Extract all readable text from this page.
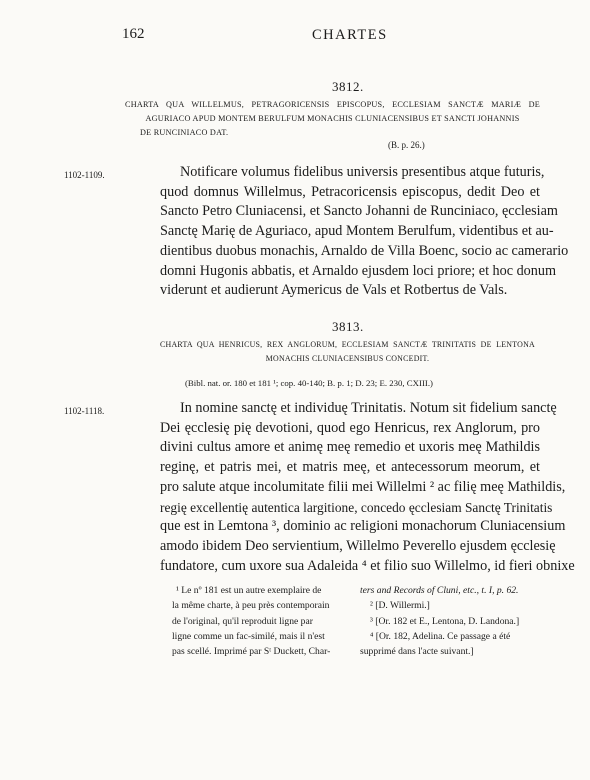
162	CHARTES
3812.
CHARTA QUA WILLELMUS, PETRAGORICENSIS EPISCOPUS, ECCLESIAM SANCTÆ MARIÆ DE
AGURIACO APUD MONTEM BERULFUM MONACHIS CLUNIACENSIBUS ET SANCTI JOHANNIS
DE RUNCINIACO DAT.
(B. p. 26.)
1102-1109.	Notificare volumus fidelibus universis presentibus atque futuris,
quod domnus Willelmus, Petracoricensis episcopus, dedit Deo et
Sancto Petro Cluniacensi, et Sancto Johanni de Runciniaco, ęcclesiam
Sanctę Marię de Aguriaco, apud Montem Berulfum, videntibus et au-
dientibus duobus monachis, Arnaldo de Villa Boenc, socio ac camerario
domni Hugonis abbatis, et Arnaldo ejusdem loci priore; et hoc donum
viderunt et audierunt Aymericus de Vals et Rotbertus de Vals.
3813.
CHARTA QUA HENRICUS, REX ANGLORUM, ECCLESIAM SANCTÆ TRINITATIS DE LENTONA
MONACHIS CLUNIACENSIBUS CONCEDIT.
(Bibl. nat. or. 180 et 181 ¹; cop. 40-140; B. p. 1; D. 23; E. 230, CXIII.)
1102-1118.	In nomine sanctę et individuę Trinitatis. Notum sit fidelium sanctę
Dei ęcclesię pię devotioni, quod ego Henricus, rex Anglorum, pro
divini cultus amore et animę meę remedio et uxoris meę Mathildis
reginę, et patris mei, et matris meę, et antecessorum meorum, et
pro salute atque incolumitate filii mei Willelmi ² ac filię meę Mathildis,
regię excellentię autentica largitione, concedo ęcclesiam Sanctę Trinitatis
que est in Lemtona ³, dominio ac religioni monachorum Cluniacensium
amodo ibidem Deo servientium, Willelmo Peverello ejusdem ęcclesię
fundatore, cum uxore sua Adaleida ⁴ et filio suo Willelmo, id fieri obnixe
¹ Le nº 181 est un autre exemplaire de
la même charte, à peu près contemporain
de l'original, qu'il reproduit ligne par
ligne comme un fac-similé, mais il n'est
pas scellé. Imprimé par Sᵗ Duckett, Char-
ters and Records of Cluni, etc., t. I, p. 62.
² [D. Willermi.]
³ [Or. 182 et E., Lentona, D. Landona.]
⁴ [Or. 182, Adelina. Ce passage a été
supprimé dans l'acte suivant.]
